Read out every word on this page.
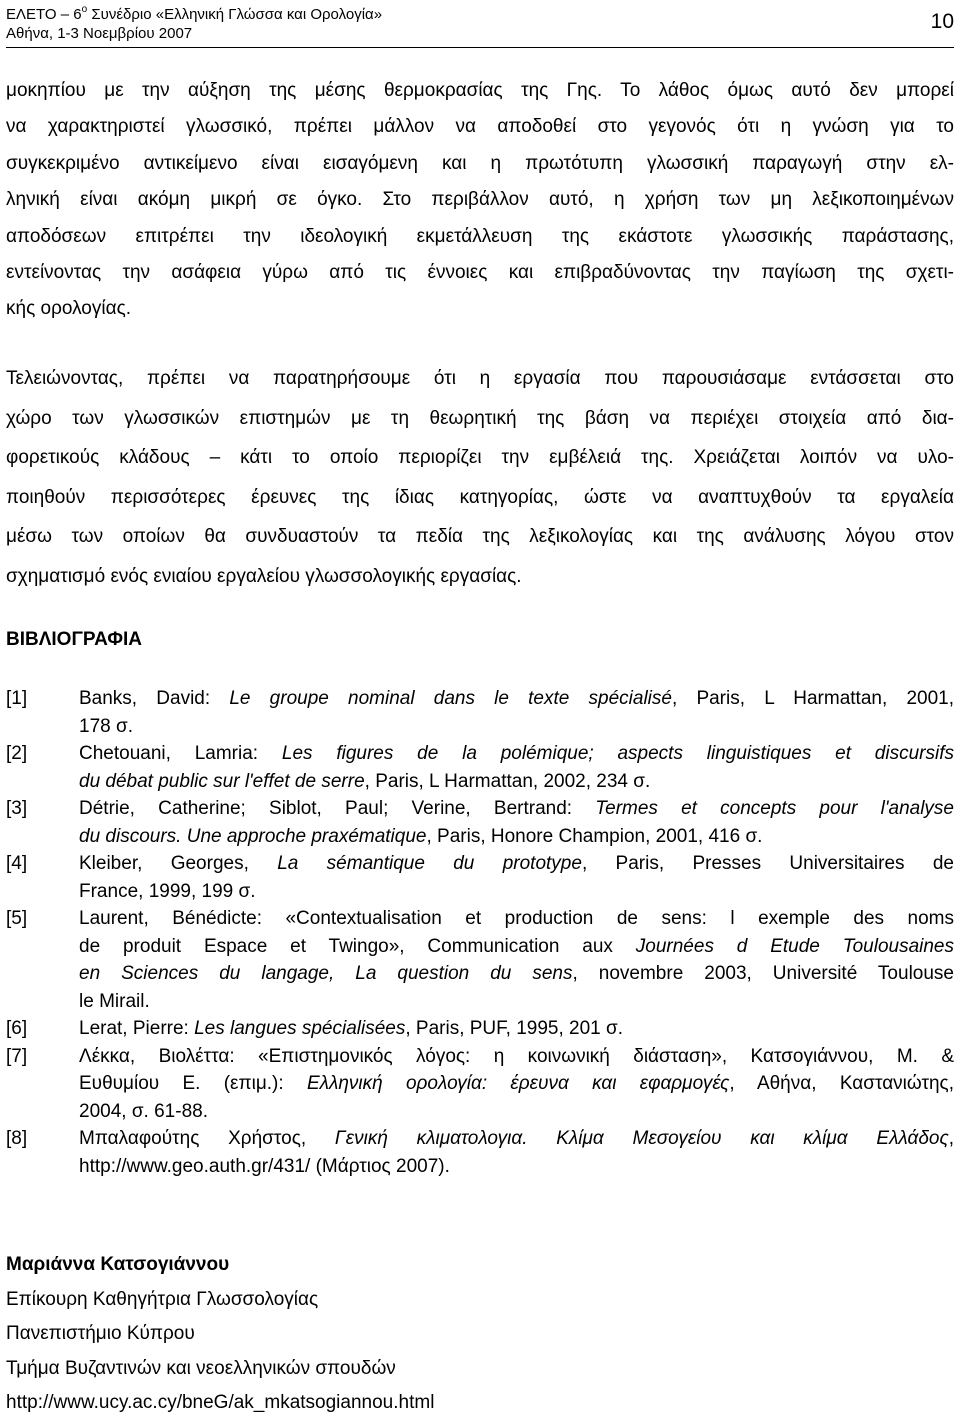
ΕΛΕΤΟ – $6^o$ Συνέδριο «Ελληνική Γλώσσα και Ορολογία»
Αθήνα, 1-3 Νοεμβρίου 2007
10
μοκηπίου με την αύξηση της μέσης θερμοκρασίας της Γης. Το λάθος όμως αυτό δεν μπορεί
να χαρακτηριστεί γλωσσικό, πρέπει μάλλον να αποδοθεί στο γεγονός ότι η γνώση για το
συγκεκριμένο αντικείμενο είναι εισαγόμενη και η πρωτότυπη γλωσσική παραγωγή στην ελ-
ληνική είναι ακόμη μικρή σε όγκο. Στο περιβάλλον αυτό, η χρήση των μη λεξικοποιημένων
αποδόσεων επιτρέπει την ιδεολογική εκμετάλλευση της εκάστοτε γλωσσικής παράστασης,
εντείνοντας την ασάφεια γύρω από τις έννοιες και επιβραδύνοντας την παγίωση της σχετι-
κής ορολογίας.
Τελειώνοντας, πρέπει να παρατηρήσουμε ότι η εργασία που παρουσιάσαμε εντάσσεται στο
χώρο των γλωσσικών επιστημών με τη θεωρητική της βάση να περιέχει στοιχεία από δια-
φορετικούς κλάδους – κάτι το οποίο περιορίζει την εμβέλειά της. Χρειάζεται λοιπόν να υλο-
ποιηθούν περισσότερες έρευνες της ίδιας κατηγορίας, ώστε να αναπτυχθούν τα εργαλεία
μέσω των οποίων θα συνδυαστούν τα πεδία της λεξικολογίας και της ανάλυσης λόγου στον
σχηματισμό ενός ενιαίου εργαλείου γλωσσολογικής εργασίας.
ΒΙΒΛΙΟΓΡΑΦΙΑ
[1]	Banks, David: Le groupe nominal dans le texte spécialisé, Paris, L Harmattan, 2001,
178 σ.
[2]	Chetouani, Lamria: Les figures de la polémique; aspects linguistiques et discursifs
du débat public sur l'effet de serre, Paris, L Harmattan, 2002, 234 σ.
[3]	Détrie, Catherine; Siblot, Paul; Verine, Bertrand: Termes et concepts pour l'analyse
du discours. Une approche praxématique, Paris, Honore Champion, 2001, 416 σ.
[4]	Kleiber, Georges, La sémantique du prototype, Paris, Presses Universitaires de
France, 1999, 199 σ.
[5]	Laurent, Bénédicte: «Contextualisation et production de sens: l exemple des noms
de produit Espace et Twingo», Communication aux Journées d Etude Toulousaines
en Sciences du langage, La question du sens, novembre 2003, Université Toulouse
le Mirail.
[6]	Lerat, Pierre: Les langues spécialisées, Paris, PUF, 1995, 201 σ.
[7]	Λέκκα, Βιολέττα: «Επιστημονικός λόγος: η κοινωνική διάσταση», Κατσογιάννου, Μ. &
Ευθυμίου Ε. (επιμ.): Ελληνική ορολογία: έρευνα και εφαρμογές, Αθήνα, Καστανιώτης,
2004, σ. 61-88.
[8]	Μπαλαφούτης Χρήστος, Γενική κλιματολογια. Κλίμα Μεσογείου και κλίμα Ελλάδος,
http://www.geo.auth.gr/431/ (Μάρτιος 2007).
Μαριάννα Κατσογιάννου
Επίκουρη Καθηγήτρια Γλωσσολογίας
Πανεπιστήμιο Κύπρου
Τμήμα Βυζαντινών και νεοελληνικών σπουδών
http://www.ucy.ac.cy/bneG/ak_mkatsogiannou.html
